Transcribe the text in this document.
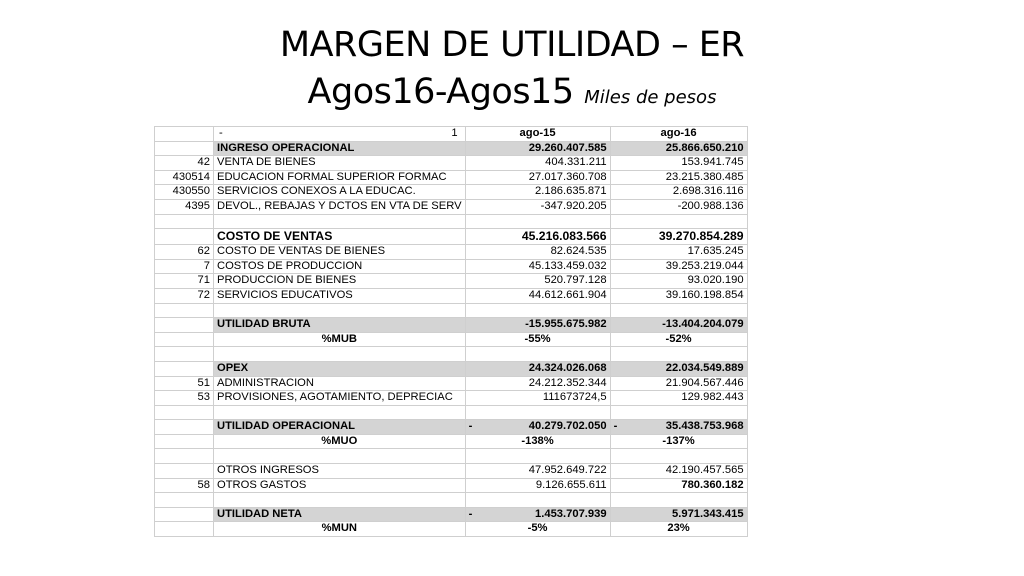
MARGEN DE UTILIDAD – ER
Agos16-Agos15 Miles de pesos

	- 1	ago-15	ago-16
	INGRESO OPERACIONAL	29.260.407.585	25.866.650.210
42	VENTA DE BIENES	404.331.211	153.941.745
430514	EDUCACION FORMAL SUPERIOR FORMAC	27.017.360.708	23.215.380.485
430550	SERVICIOS CONEXOS A LA EDUCAC.	2.186.635.871	2.698.316.116
4395	DEVOL., REBAJAS Y DCTOS EN VTA DE SERV	-347.920.205	-200.988.136

	COSTO DE VENTAS	45.216.083.566	39.270.854.289
62	COSTO DE VENTAS DE BIENES	82.624.535	17.635.245
7	COSTOS DE PRODUCCION	45.133.459.032	39.253.219.044
71	PRODUCCION DE BIENES	520.797.128	93.020.190
72	SERVICIOS EDUCATIVOS	44.612.661.904	39.160.198.854

	UTILIDAD BRUTA	-15.955.675.982	-13.404.204.079
	%MUB	-55%	-52%

	OPEX	24.324.026.068	22.034.549.889
51	ADMINISTRACION	24.212.352.344	21.904.567.446
53	PROVISIONES, AGOTAMIENTO, DEPRECIAC	111673724,5	129.982.443

	UTILIDAD OPERACIONAL	- 40.279.702.050	- 35.438.753.968
	%MUO	-138%	-137%

	OTROS INGRESOS	47.952.649.722	42.190.457.565
58	OTROS GASTOS	9.126.655.611	780.360.182

	UTILIDAD NETA	- 1.453.707.939	5.971.343.415
	%MUN	-5%	23%
